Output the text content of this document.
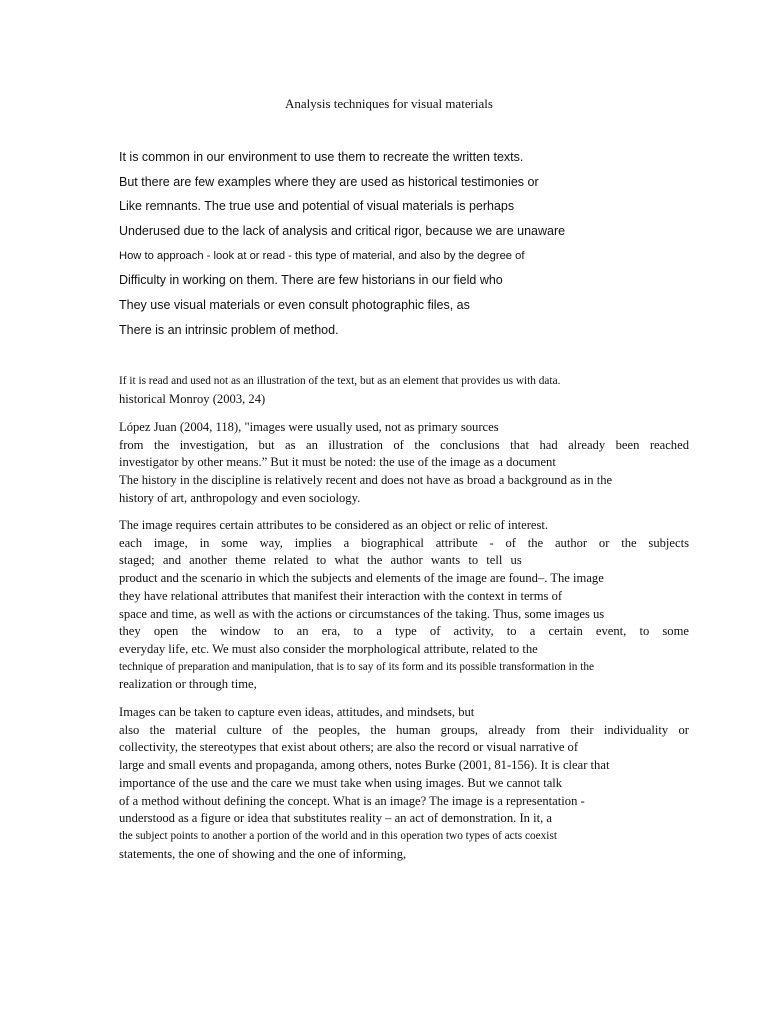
Analysis techniques for visual materials
It is common in our environment to use them to recreate the written texts.
But there are few examples where they are used as historical testimonies or
Like remnants. The true use and potential of visual materials is perhaps
Underused due to the lack of analysis and critical rigor, because we are unaware
How to approach - look at or read - this type of material, and also by the degree of
Difficulty in working on them. There are few historians in our field who
They use visual materials or even consult photographic files, as
There is an intrinsic problem of method.
If it is read and used not as an illustration of the text, but as an element that provides us with data.
historical Monroy (2003, 24)
López Juan (2004, 118), "images were usually used, not as primary sources
from the investigation, but as an illustration of the conclusions that had already been reached
investigator by other means.” But it must be noted: the use of the image as a document
The history in the discipline is relatively recent and does not have as broad a background as in the
history of art, anthropology and even sociology.
The image requires certain attributes to be considered as an object or relic of interest.
each image, in some way, implies a biographical attribute - of the author or the subjects
staged; and another theme related to what the author wants to tell us
product and the scenario in which the subjects and elements of the image are found–. The image
they have relational attributes that manifest their interaction with the context in terms of
space and time, as well as with the actions or circumstances of the taking. Thus, some images us
they open the window to an era, to a type of activity, to a certain event, to some
everyday life, etc. We must also consider the morphological attribute, related to the
technique of preparation and manipulation, that is to say of its form and its possible transformation in the
realization or through time,
Images can be taken to capture even ideas, attitudes, and mindsets, but
also the material culture of the peoples, the human groups, already from their individuality or
collectivity, the stereotypes that exist about others; are also the record or visual narrative of
large and small events and propaganda, among others, notes Burke (2001, 81-156). It is clear that
importance of the use and the care we must take when using images. But we cannot talk
of a method without defining the concept. What is an image? The image is a representation -
understood as a figure or idea that substitutes reality – an act of demonstration. In it, a
the subject points to another a portion of the world and in this operation two types of acts coexist
statements, the one of showing and the one of informing,
